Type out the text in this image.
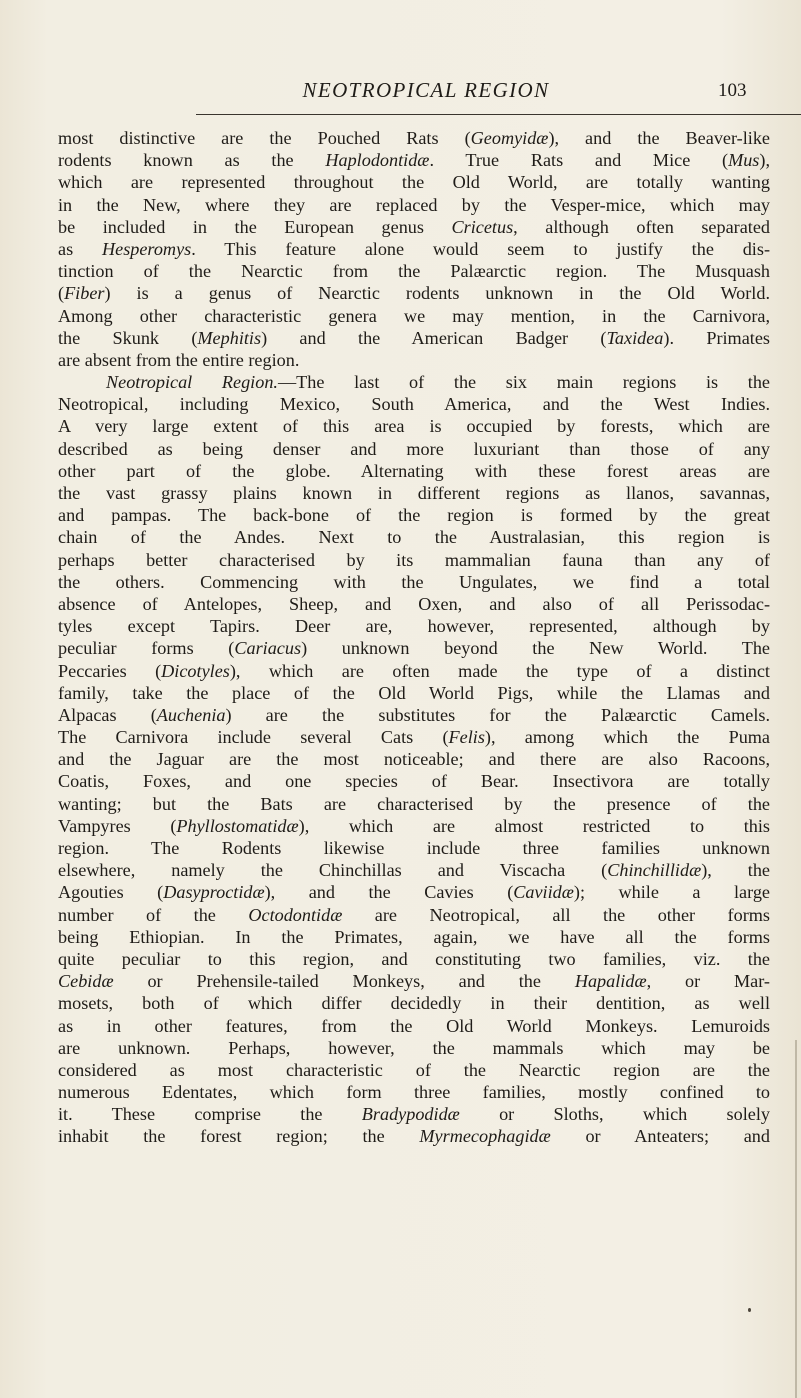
NEOTROPICAL REGION	103
most distinctive are the Pouched Rats (Geomyidæ), and the Beaver-like
rodents known as the Haplodontidæ. True Rats and Mice (Mus),
which are represented throughout the Old World, are totally wanting
in the New, where they are replaced by the Vesper-mice, which may
be included in the European genus Cricetus, although often separated
as Hesperomys. This feature alone would seem to justify the dis-
tinction of the Nearctic from the Palæarctic region. The Musquash
(Fiber) is a genus of Nearctic rodents unknown in the Old World.
Among other characteristic genera we may mention, in the Carnivora,
the Skunk (Mephitis) and the American Badger (Taxidea). Primates
are absent from the entire region.
Neotropical Region.—The last of the six main regions is the
Neotropical, including Mexico, South America, and the West Indies.
A very large extent of this area is occupied by forests, which are
described as being denser and more luxuriant than those of any
other part of the globe. Alternating with these forest areas are
the vast grassy plains known in different regions as llanos, savannas,
and pampas. The back-bone of the region is formed by the great
chain of the Andes. Next to the Australasian, this region is
perhaps better characterised by its mammalian fauna than any of
the others. Commencing with the Ungulates, we find a total
absence of Antelopes, Sheep, and Oxen, and also of all Perissodac-
tyles except Tapirs. Deer are, however, represented, although by
peculiar forms (Cariacus) unknown beyond the New World. The
Peccaries (Dicotyles), which are often made the type of a distinct
family, take the place of the Old World Pigs, while the Llamas and
Alpacas (Auchenia) are the substitutes for the Palæarctic Camels.
The Carnivora include several Cats (Felis), among which the Puma
and the Jaguar are the most noticeable; and there are also Racoons,
Coatis, Foxes, and one species of Bear. Insectivora are totally
wanting; but the Bats are characterised by the presence of the
Vampyres (Phyllostomatidæ), which are almost restricted to this
region. The Rodents likewise include three families unknown
elsewhere, namely the Chinchillas and Viscacha (Chinchillidæ), the
Agouties (Dasyproctidæ), and the Cavies (Caviidæ); while a large
number of the Octodontidæ are Neotropical, all the other forms
being Ethiopian. In the Primates, again, we have all the forms
quite peculiar to this region, and constituting two families, viz. the
Cebidæ or Prehensile-tailed Monkeys, and the Hapalidæ, or Mar-
mosets, both of which differ decidedly in their dentition, as well
as in other features, from the Old World Monkeys. Lemuroids
are unknown. Perhaps, however, the mammals which may be
considered as most characteristic of the Nearctic region are the
numerous Edentates, which form three families, mostly confined to
it. These comprise the Bradypodidæ or Sloths, which solely
inhabit the forest region; the Myrmecophagidæ or Anteaters; and
